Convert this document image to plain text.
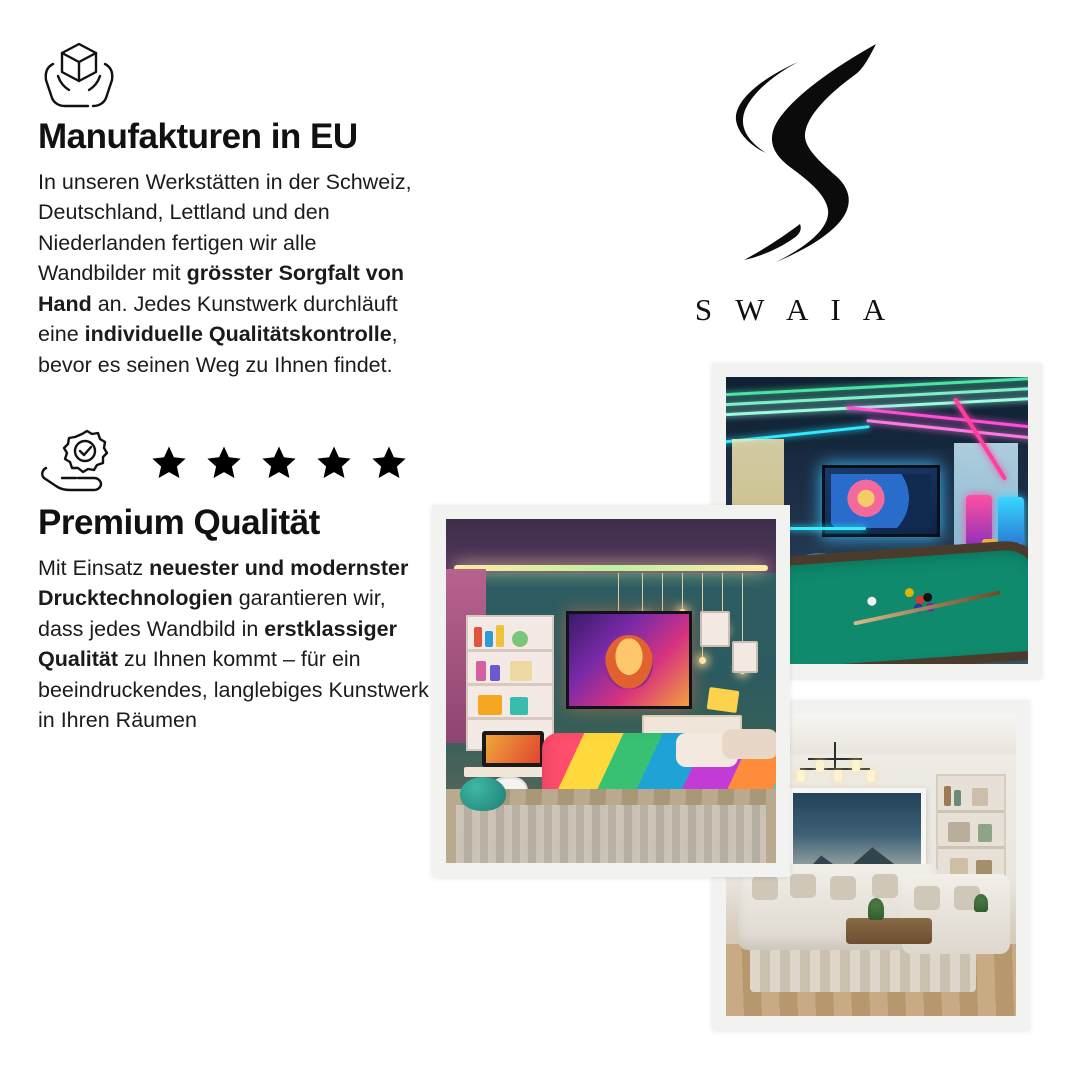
Manufakturen in EU
In unseren Werkstätten in der Schweiz, Deutschland, Lettland und den Niederlanden fertigen wir alle Wandbilder mit grösster Sorgfalt von Hand an. Jedes Kunstwerk durchläuft eine individuelle Qualitätskontrolle, bevor es seinen Weg zu Ihnen findet.
Premium Qualität
Mit Einsatz neuester und modernster Drucktechnologien garantieren wir, dass jedes Wandbild in erstklassiger Qualität zu Ihnen kommt – für ein beeindruckendes, langlebiges Kunstwerk in Ihren Räumen
S W A I A
